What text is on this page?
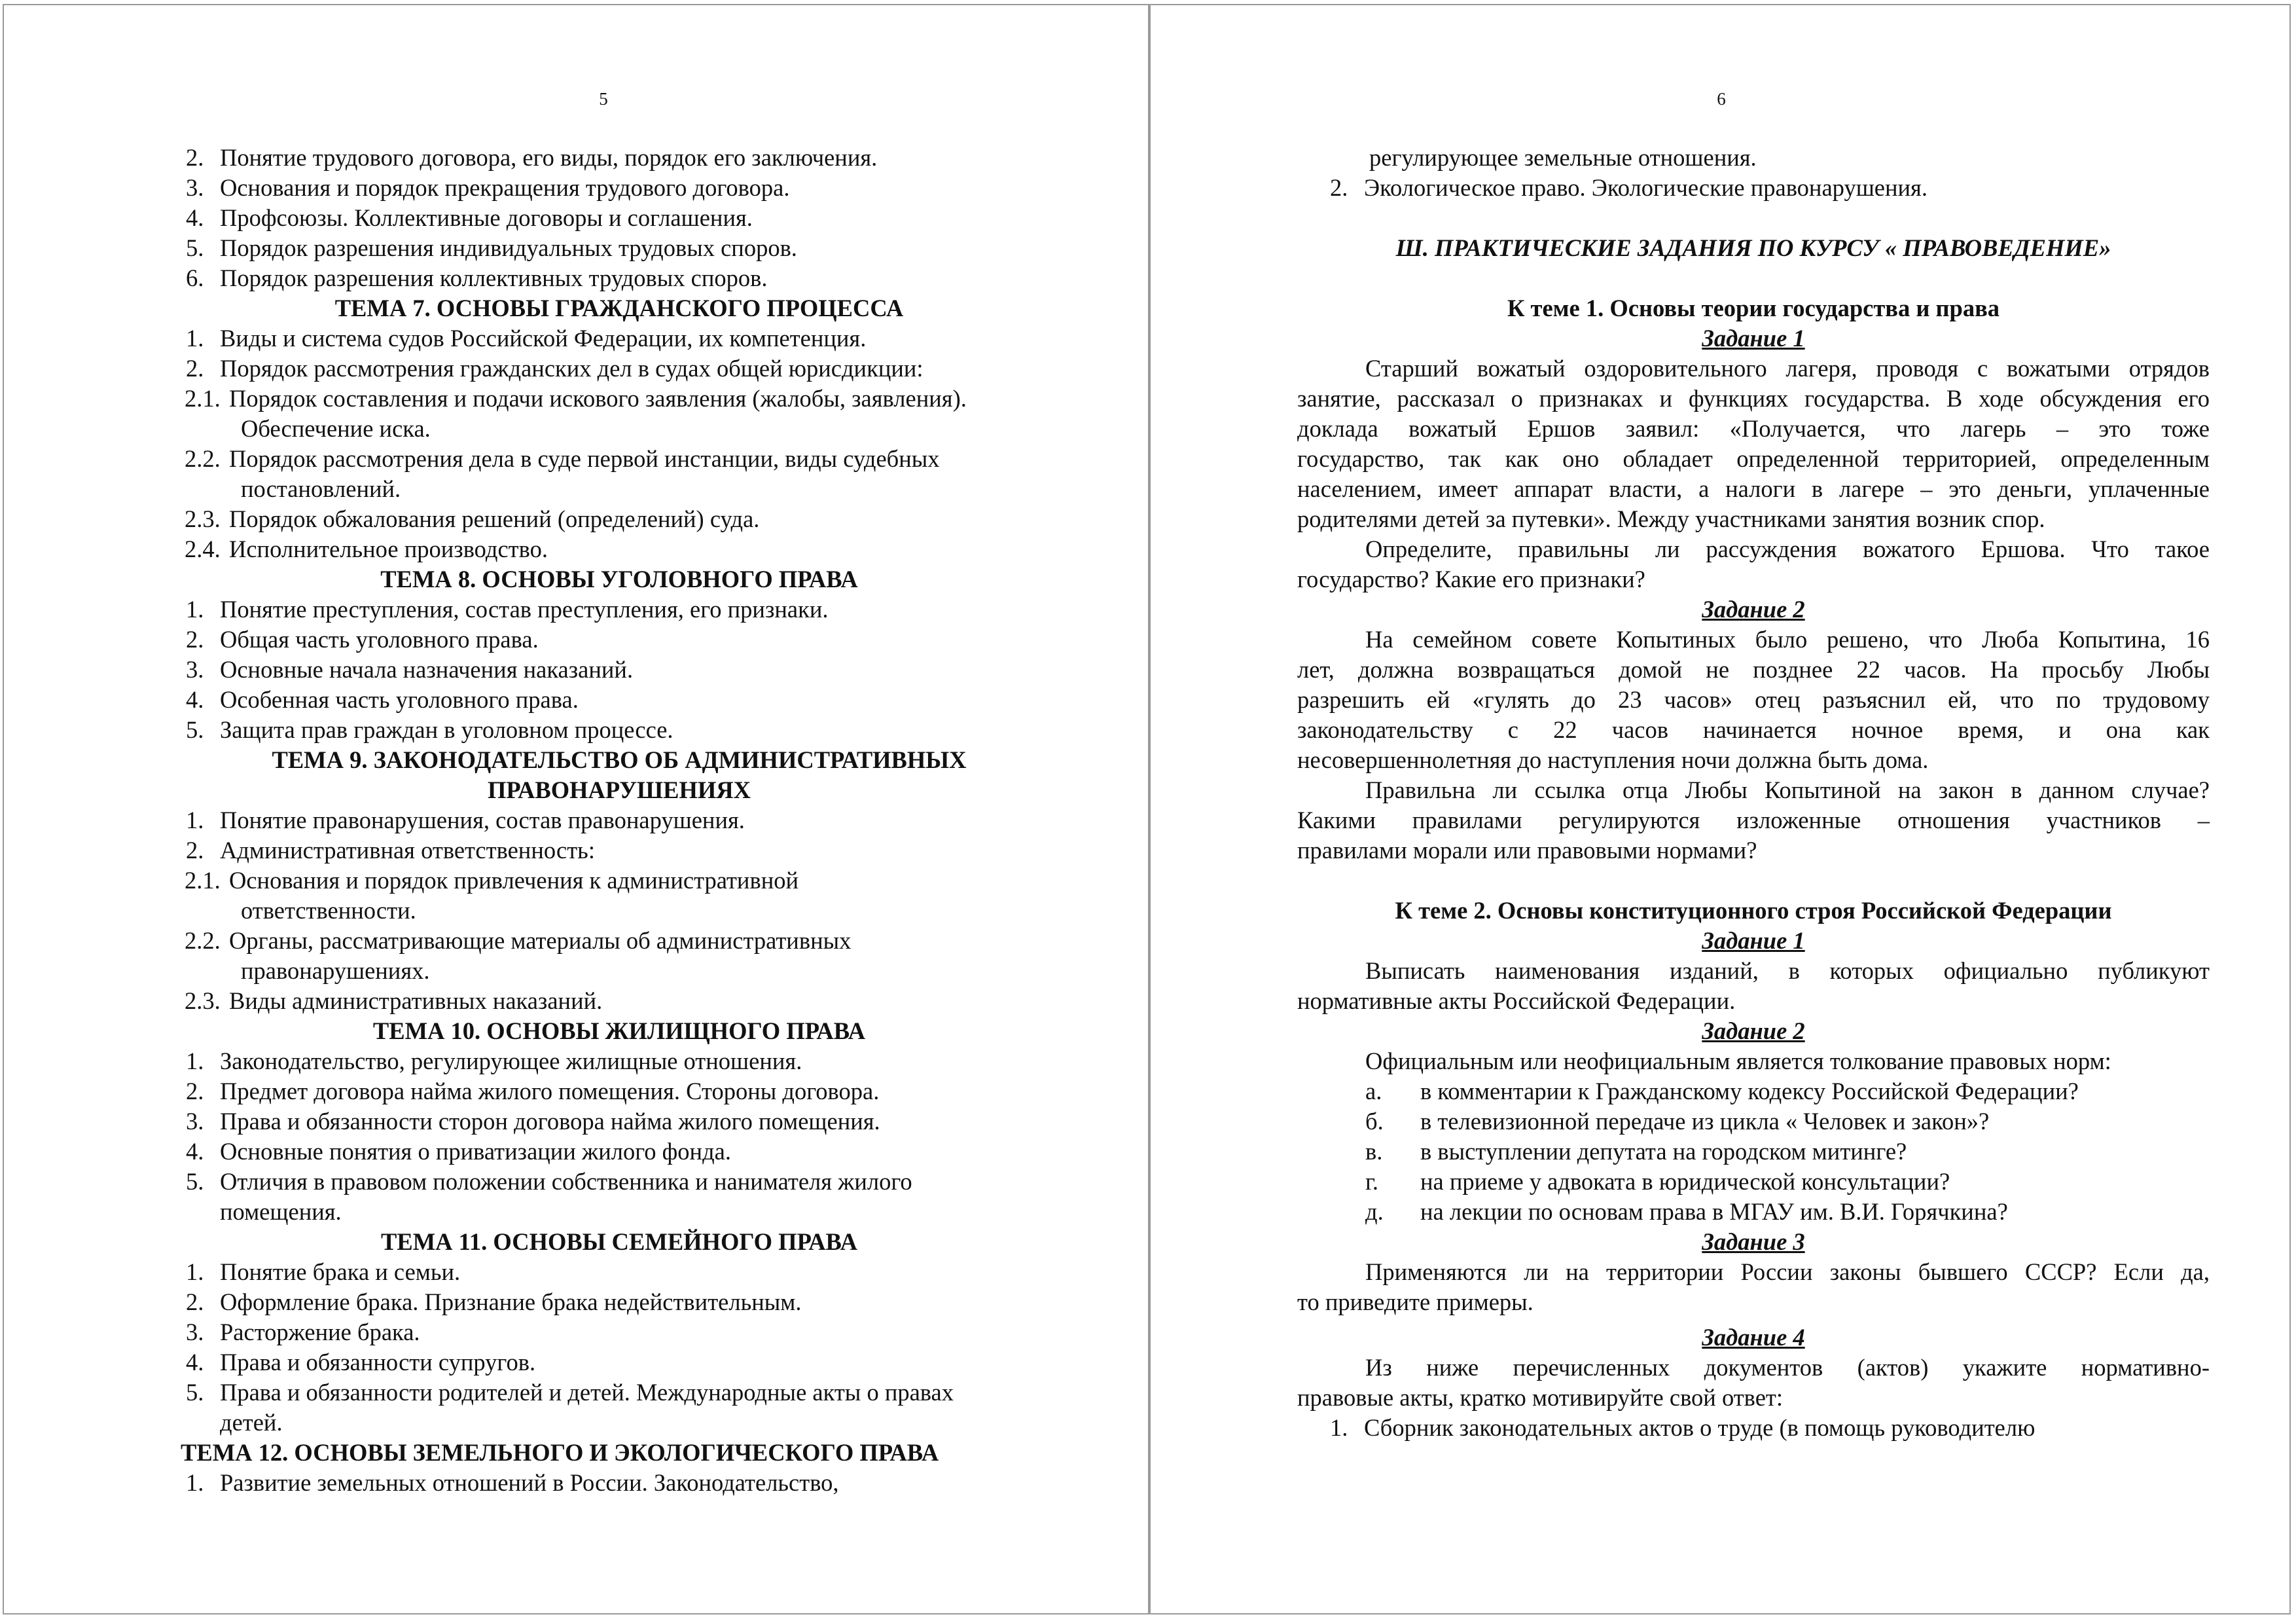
5
2. Понятие трудового договора, его виды, порядок его заключения.
3. Основания и порядок прекращения трудового договора.
4. Профсоюзы. Коллективные договоры и соглашения.
5. Порядок разрешения индивидуальных трудовых споров.
6. Порядок разрешения коллективных трудовых споров.
ТЕМА 7. ОСНОВЫ ГРАЖДАНСКОГО ПРОЦЕССА
1. Виды и система судов Российской Федерации, их компетенция.
2. Порядок рассмотрения гражданских дел в судах общей юрисдикции:
2.1. Порядок составления и подачи искового заявления (жалобы, заявления).
Обеспечение иска.
2.2. Порядок рассмотрения дела в суде первой инстанции, виды судебных
постановлений.
2.3. Порядок обжалования решений (определений) суда.
2.4. Исполнительное производство.
ТЕМА 8. ОСНОВЫ УГОЛОВНОГО ПРАВА
1. Понятие преступления, состав преступления, его признаки.
2. Общая часть уголовного права.
3. Основные начала назначения наказаний.
4. Особенная часть уголовного права.
5. Защита прав граждан в уголовном процессе.
ТЕМА 9. ЗАКОНОДАТЕЛЬСТВО ОБ АДМИНИСТРАТИВНЫХ
ПРАВОНАРУШЕНИЯХ
1. Понятие правонарушения, состав правонарушения.
2. Административная ответственность:
2.1. Основания и порядок привлечения к административной
ответственности.
2.2. Органы, рассматривающие материалы об административных
правонарушениях.
2.3. Виды административных наказаний.
ТЕМА 10. ОСНОВЫ ЖИЛИЩНОГО ПРАВА
1. Законодательство, регулирующее жилищные отношения.
2. Предмет договора найма жилого помещения. Стороны договора.
3. Права и обязанности сторон договора найма жилого помещения.
4. Основные понятия о приватизации жилого фонда.
5. Отличия в правовом положении собственника и нанимателя жилого
помещения.
ТЕМА 11. ОСНОВЫ СЕМЕЙНОГО ПРАВА
1. Понятие брака и семьи.
2. Оформление брака. Признание брака недействительным.
3. Расторжение брака.
4. Права и обязанности супругов.
5. Права и обязанности родителей и детей. Международные акты о правах
детей.
ТЕМА 12. ОСНОВЫ ЗЕМЕЛЬНОГО И ЭКОЛОГИЧЕСКОГО ПРАВА
1. Развитие земельных отношений в России. Законодательство,
6
регулирующее земельные отношения.
2. Экологическое право. Экологические правонарушения.
Ш. ПРАКТИЧЕСКИЕ ЗАДАНИЯ ПО КУРСУ « ПРАВОВЕДЕНИЕ»
К теме 1. Основы теории государства и права
Задание 1
Старший вожатый оздоровительного лагеря, проводя с вожатыми отрядов
занятие, рассказал о признаках и функциях государства. В ходе обсуждения его
доклада вожатый Ершов заявил: «Получается, что лагерь – это тоже
государство, так как оно обладает определенной территорией, определенным
населением, имеет аппарат власти, а налоги в лагере – это деньги, уплаченные
родителями детей за путевки». Между участниками занятия возник спор.
Определите, правильны ли рассуждения вожатого Ершова. Что такое
государство? Какие его признаки?
Задание 2
На семейном совете Копытиных было решено, что Люба Копытина, 16
лет, должна возвращаться домой не позднее 22 часов. На просьбу Любы
разрешить ей «гулять до 23 часов» отец разъяснил ей, что по трудовому
законодательству с 22 часов начинается ночное время, и она как
несовершеннолетняя до наступления ночи должна быть дома.
Правильна ли ссылка отца Любы Копытиной на закон в данном случае?
Какими правилами регулируются изложенные отношения участников –
правилами морали или правовыми нормами?
К теме 2. Основы конституционного строя Российской Федерации
Задание 1
Выписать наименования изданий, в которых официально публикуют
нормативные акты Российской Федерации.
Задание 2
Официальным или неофициальным является толкование правовых норм:
а. в комментарии к Гражданскому кодексу Российской Федерации?
б. в телевизионной передаче из цикла « Человек и закон»?
в. в выступлении депутата на городском митинге?
г. на приеме у адвоката в юридической консультации?
д. на лекции по основам права в МГАУ им. В.И. Горячкина?
Задание 3
Применяются ли на территории России законы бывшего СССР? Если да,
то приведите примеры.
Задание 4
Из ниже перечисленных документов (актов) укажите нормативно-
правовые акты, кратко мотивируйте свой ответ:
1. Сборник законодательных актов о труде (в помощь руководителю
